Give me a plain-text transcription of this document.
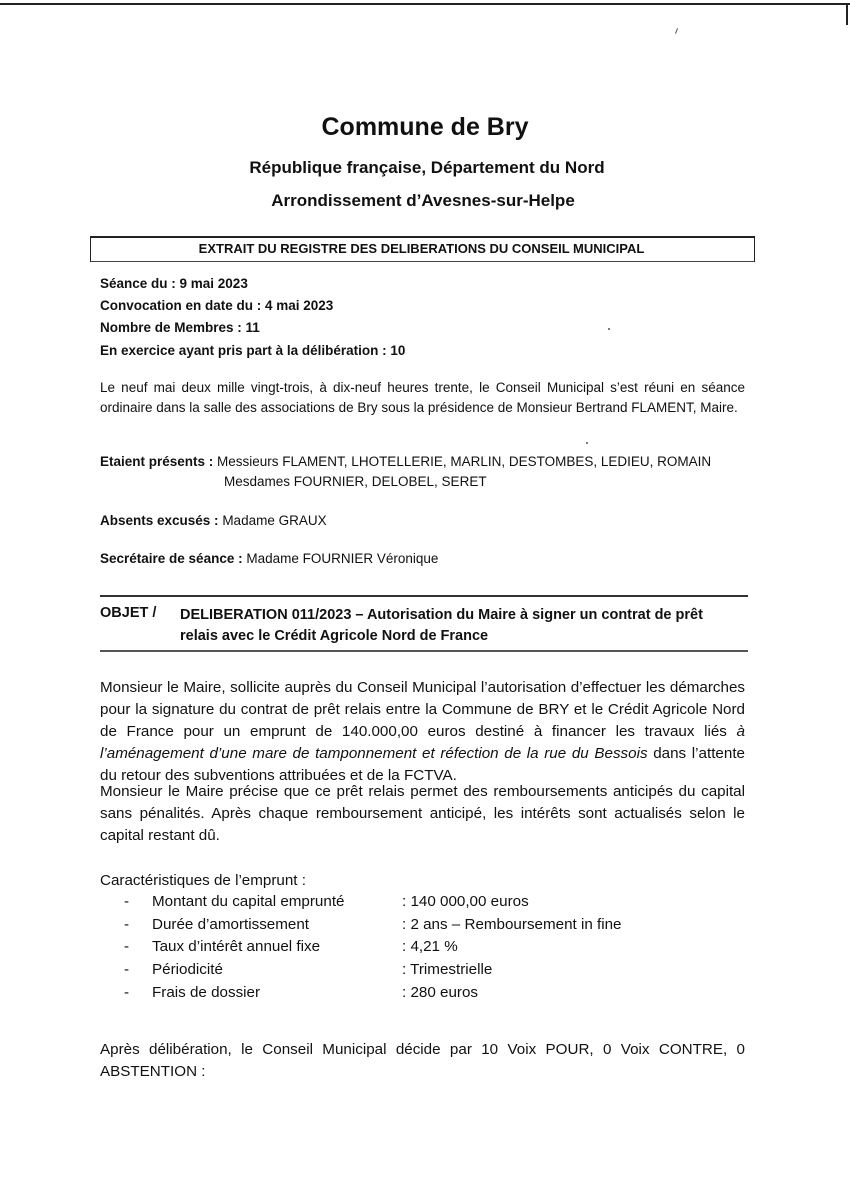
Commune de Bry
République française, Département du Nord
Arrondissement d’Avesnes-sur-Helpe
EXTRAIT DU REGISTRE DES DELIBERATIONS DU CONSEIL MUNICIPAL
Séance du : 9 mai 2023
Convocation en date du : 4 mai 2023
Nombre de Membres : 11
En exercice ayant pris part à la délibération : 10
Le neuf mai deux mille vingt-trois, à dix-neuf heures trente, le Conseil Municipal s’est réuni en séance ordinaire dans la salle des associations de Bry sous la présidence de Monsieur Bertrand FLAMENT, Maire.
Etaient présents : Messieurs FLAMENT, LHOTELLERIE, MARLIN, DESTOMBES, LEDIEU, ROMAIN
Mesdames FOURNIER, DELOBEL, SERET
Absents excusés : Madame GRAUX
Secrétaire de séance : Madame FOURNIER Véronique
OBJET / DELIBERATION 011/2023 – Autorisation du Maire à signer un contrat de prêt relais avec le Crédit Agricole Nord de France
Monsieur le Maire, sollicite auprès du Conseil Municipal l’autorisation d’effectuer les démarches pour la signature du contrat de prêt relais entre la Commune de BRY et le Crédit Agricole Nord de France pour un emprunt de 140.000,00 euros destiné à financer les travaux liés à l’aménagement d’une mare de tamponnement et réfection de la rue du Bessois dans l’attente du retour des subventions attribuées et de la FCTVA.
Monsieur le Maire précise que ce prêt relais permet des remboursements anticipés du capital sans pénalités. Après chaque remboursement anticipé, les intérêts sont actualisés selon le capital restant dû.
Caractéristiques de l’emprunt :
- Montant du capital emprunté	: 140 000,00 euros
- Durée d’amortissement	: 2 ans – Remboursement in fine
- Taux d’intérêt annuel fixe	: 4,21 %
- Périodicité	: Trimestrielle
- Frais de dossier	: 280 euros
Après délibération, le Conseil Municipal décide par 10 Voix POUR, 0 Voix CONTRE, 0 ABSTENTION :
